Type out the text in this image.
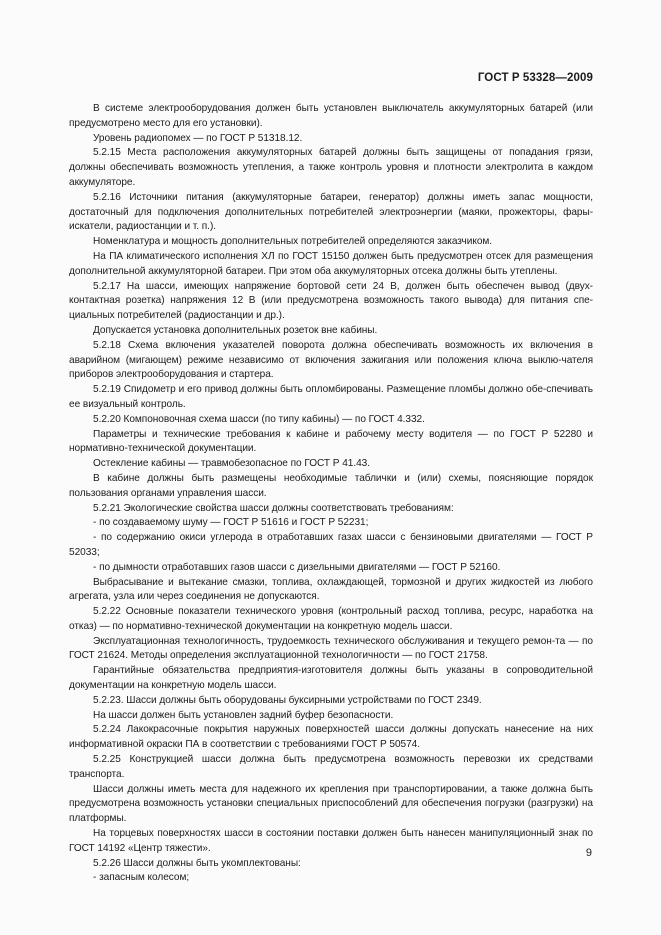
ГОСТ Р 53328—2009

В системе электрооборудования должен быть установлен выключатель аккумуляторных батарей (или предусмотрено место для его установки).

Уровень радиопомех — по ГОСТ Р 51318.12.

5.2.15 Места расположения аккумуляторных батарей должны быть защищены от попадания грязи, должны обеспечивать возможность утепления, а также контроль уровня и плотности электролита в каждом аккумуляторе.

5.2.16 Источники питания (аккумуляторные батареи, генератор) должны иметь запас мощности, достаточный для подключения дополнительных потребителей электроэнергии (маяки, прожекторы, фары-искатели, радиостанции и т. п.).

Номенклатура и мощность дополнительных потребителей определяются заказчиком.

На ПА климатического исполнения ХЛ по ГОСТ 15150 должен быть предусмотрен отсек для размещения дополнительной аккумуляторной батареи. При этом оба аккумуляторных отсека должны быть утеплены.

5.2.17 На шасси, имеющих напряжение бортовой сети 24 В, должен быть обеспечен вывод (двух-контактная розетка) напряжения 12 В (или предусмотрена возможность такого вывода) для питания спе-циальных потребителей (радиостанции и др.).

Допускается установка дополнительных розеток вне кабины.

5.2.18 Схема включения указателей поворота должна обеспечивать возможность их включения в аварийном (мигающем) режиме независимо от включения зажигания или положения ключа выклю-чателя приборов электрооборудования и стартера.

5.2.19 Спидометр и его привод должны быть опломбированы. Размещение пломбы должно обе-спечивать ее визуальный контроль.

5.2.20 Компоновочная схема шасси (по типу кабины) — по ГОСТ 4.332.

Параметры и технические требования к кабине и рабочему месту водителя — по ГОСТ Р 52280 и нормативно-технической документации.

Остекление кабины — травмобезопасное по ГОСТ Р 41.43.

В кабине должны быть размещены необходимые таблички и (или) схемы, поясняющие порядок пользования органами управления шасси.

5.2.21 Экологические свойства шасси должны соответствовать требованиям:

- по создаваемому шуму — ГОСТ Р 51616 и ГОСТ Р 52231;

- по содержанию окиси углерода в отработавших газах шасси с бензиновыми двигателями — ГОСТ Р 52033;

- по дымности отработавших газов шасси с дизельными двигателями — ГОСТ Р 52160.

Выбрасывание и вытекание смазки, топлива, охлаждающей, тормозной и других жидкостей из любого агрегата, узла или через соединения не допускаются.

5.2.22 Основные показатели технического уровня (контрольный расход топлива, ресурс, наработка на отказ) — по нормативно-технической документации на конкретную модель шасси.

Эксплуатационная технологичность, трудоемкость технического обслуживания и текущего ремон-та — по ГОСТ 21624. Методы определения эксплуатационной технологичности — по ГОСТ 21758.

Гарантийные обязательства предприятия-изготовителя должны быть указаны в сопроводительной документации на конкретную модель шасси.

5.2.23. Шасси должны быть оборудованы буксирными устройствами по ГОСТ 2349.

На шасси должен быть установлен задний буфер безопасности.

5.2.24 Лакокрасочные покрытия наружных поверхностей шасси должны допускать нанесение на них информативной окраски ПА в соответствии с требованиями ГОСТ Р 50574.

5.2.25 Конструкцией шасси должна быть предусмотрена возможность перевозки их средствами транспорта.

Шасси должны иметь места для надежного их крепления при транспортировании, а также должна быть предусмотрена возможность установки специальных приспособлений для обеспечения погрузки (разгрузки) на платформы.

На торцевых поверхностях шасси в состоянии поставки должен быть нанесен манипуляционный знак по ГОСТ 14192 «Центр тяжести».

5.2.26 Шасси должны быть укомплектованы:

- запасным колесом;

9
